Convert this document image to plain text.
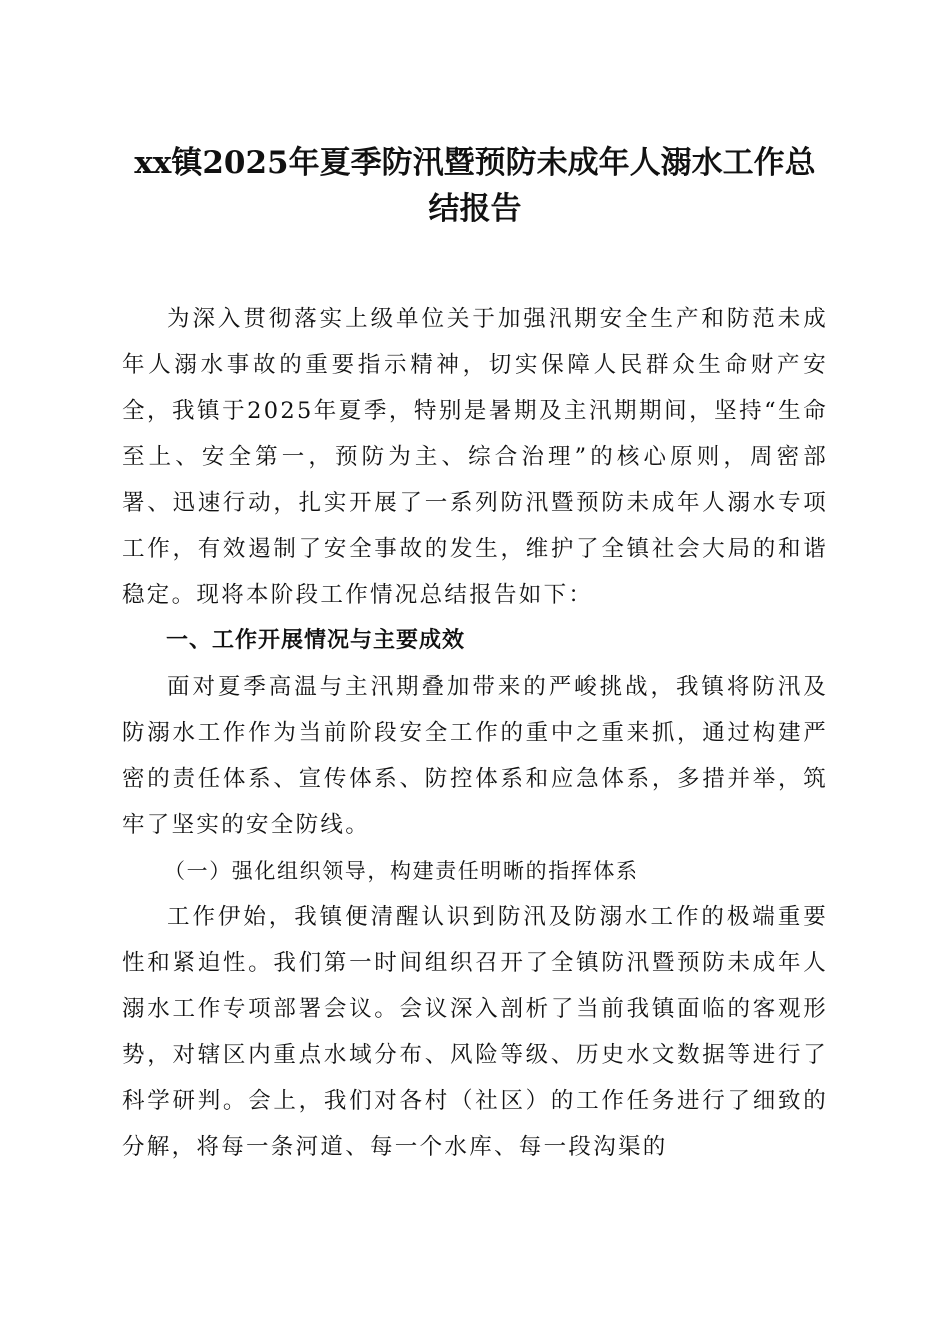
xx镇2025年夏季防汛暨预防未成年人溺水工作总结报告

为深入贯彻落实上级单位关于加强汛期安全生产和防范未成年人溺水事故的重要指示精神，切实保障人民群众生命财产安全，我镇于2025年夏季，特别是暑期及主汛期期间，坚持“生命至上、安全第一，预防为主、综合治理”的核心原则，周密部署、迅速行动，扎实开展了一系列防汛暨预防未成年人溺水专项工作，有效遏制了安全事故的发生，维护了全镇社会大局的和谐稳定。现将本阶段工作情况总结报告如下：

一、工作开展情况与主要成效

面对夏季高温与主汛期叠加带来的严峻挑战，我镇将防汛及防溺水工作作为当前阶段安全工作的重中之重来抓，通过构建严密的责任体系、宣传体系、防控体系和应急体系，多措并举，筑牢了坚实的安全防线。

（一）强化组织领导，构建责任明晰的指挥体系

工作伊始，我镇便清醒认识到防汛及防溺水工作的极端重要性和紧迫性。我们第一时间组织召开了全镇防汛暨预防未成年人溺水工作专项部署会议。会议深入剖析了当前我镇面临的客观形势，对辖区内重点水域分布、风险等级、历史水文数据等进行了科学研判。会上，我们对各村（社区）的工作任务进行了细致的分解，将每一条河道、每一个水库、每一段沟渠的
